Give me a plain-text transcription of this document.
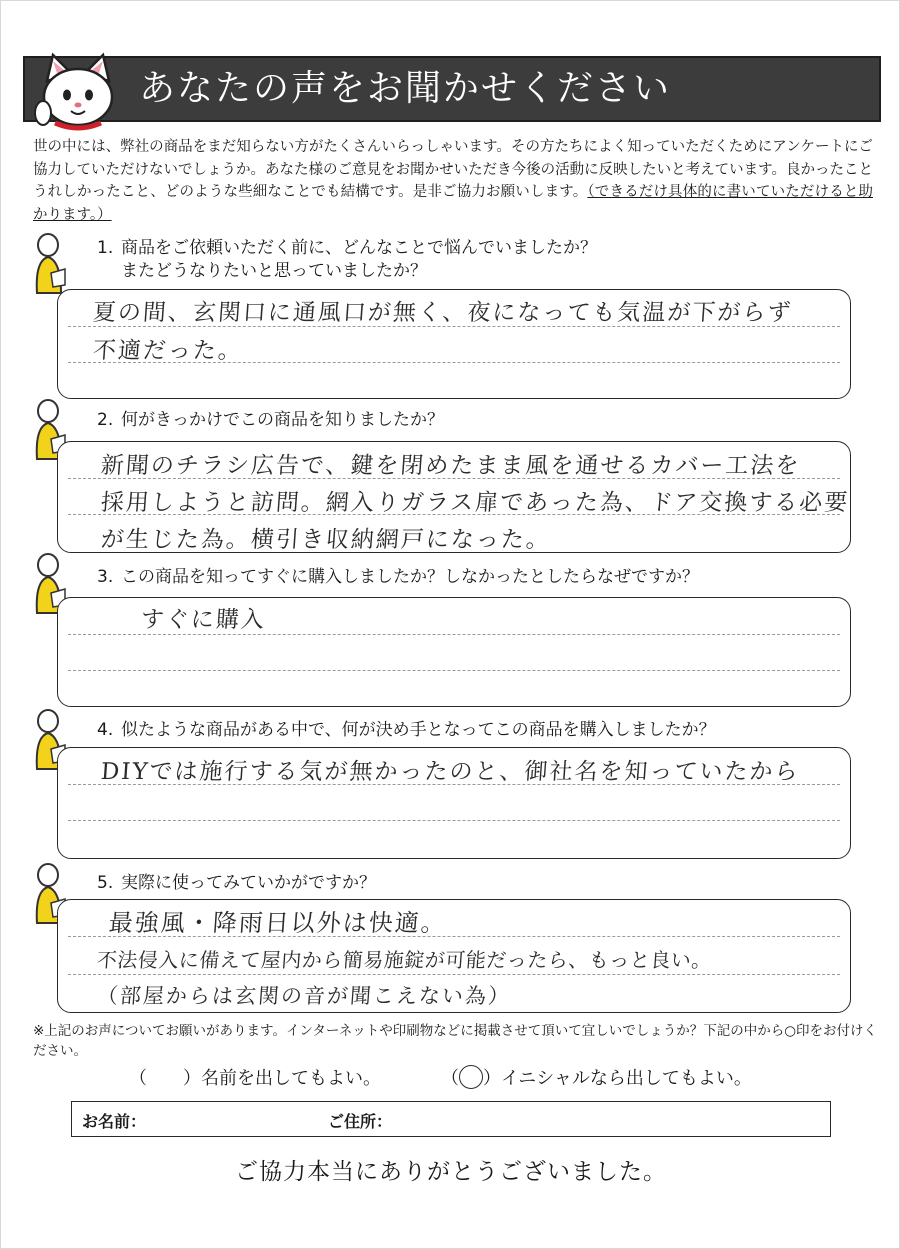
あなたの声をお聞かせください
世の中には、弊社の商品をまだ知らない方がたくさんいらっしゃいます。その方たちによく知っていただくためにアンケートにご協力していただけないでしょうか。あなた様のご意見をお聞かせいただき今後の活動に反映したいと考えています。良かったことうれしかったこと、どのような些細なことでも結構です。是非ご協力お願いします。（できるだけ具体的に書いていただけると助かります。）
1. 商品をご依頼いただく前に、どんなことで悩んでいましたか？
またどうなりたいと思っていましたか？
夏の間、玄関口に通風口が無く、夜になっても気温が下がらず
不適だった。
2. 何がきっかけでこの商品を知りましたか？
新聞のチラシ広告で、鍵を閉めたまま風を通せるカバー工法を
採用しようと訪問。網入りガラス扉であった為、ドア交換する必要
が生じた為。横引き収納網戸になった。
3. この商品を知ってすぐに購入しましたか？しなかったとしたらなぜですか？
すぐに購入
4. 似たような商品がある中で、何が決め手となってこの商品を購入しましたか？
DIYでは施行する気が無かったのと、御社名を知っていたから
5. 実際に使ってみていかがですか？
最強風・降雨日以外は快適。
不法侵入に備えて屋内から簡易施錠が可能だったら、もっと良い。
（部屋からは玄関の音が聞こえない為）
※上記のお声についてお願いがあります。インターネットや印刷物などに掲載させて頂いて宜しいでしょうか？下記の中から○印をお付けください。
（　　）名前を出してもよい。	（ ）イニシャルなら出してもよい。
お名前：	ご住所：
ご協力本当にありがとうございました。
